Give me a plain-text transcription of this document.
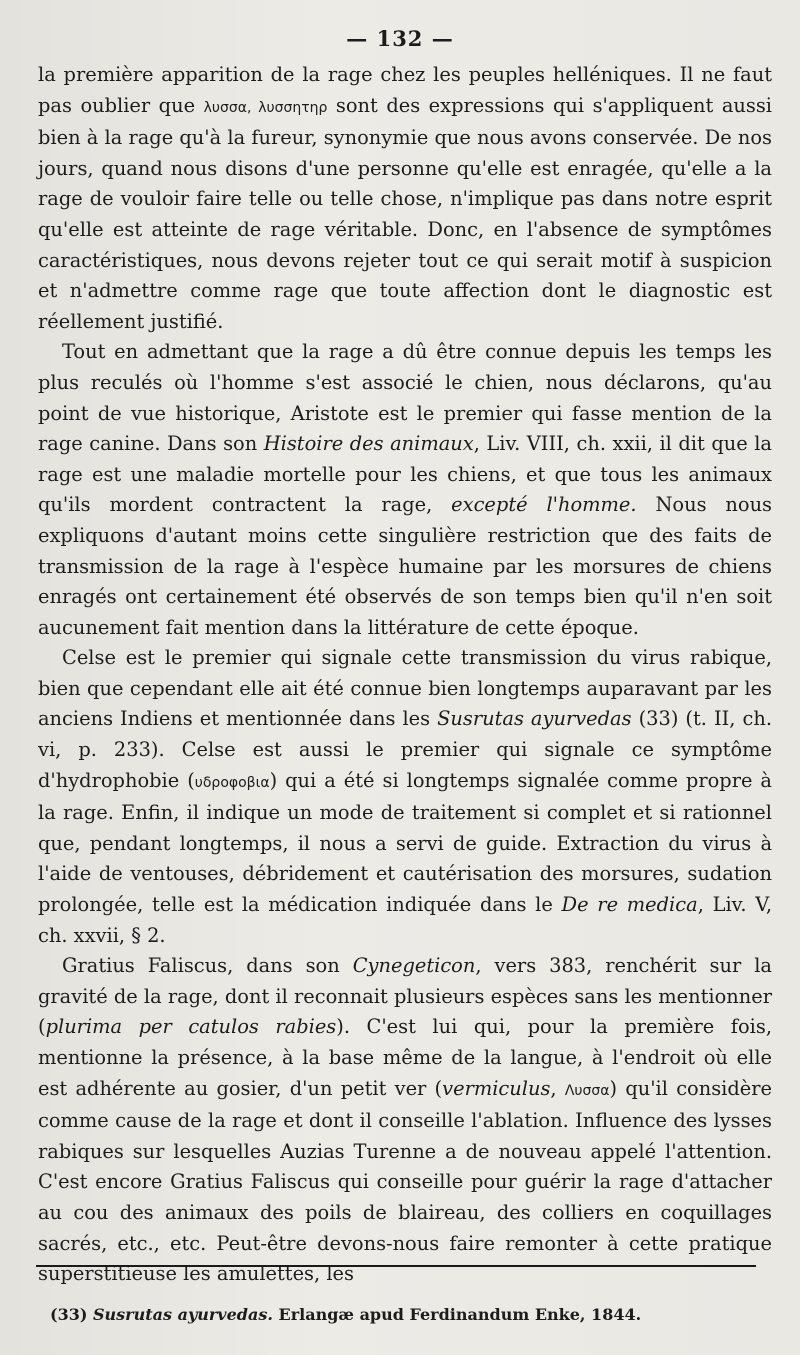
— 132 —

la première apparition de la rage chez les peuples helléniques. Il ne faut pas oublier que λυσσα, λυσσητηρ sont des expressions qui s'appliquent aussi bien à la rage qu'à la fureur, synonymie que nous avons conservée. De nos jours, quand nous disons d'une personne qu'elle est enragée, qu'elle a la rage de vouloir faire telle ou telle chose, n'implique pas dans notre esprit qu'elle est atteinte de rage véritable. Donc, en l'absence de symptômes caractéristiques, nous devons rejeter tout ce qui serait motif à suspicion et n'admettre comme rage que toute affection dont le diagnostic est réellement justifié.

Tout en admettant que la rage a dû être connue depuis les temps les plus reculés où l'homme s'est associé le chien, nous déclarons, qu'au point de vue historique, Aristote est le premier qui fasse mention de la rage canine. Dans son Histoire des animaux, Liv. VIII, ch. xxii, il dit que la rage est une maladie mortelle pour les chiens, et que tous les animaux qu'ils mordent contractent la rage, excepté l'homme. Nous nous expliquons d'autant moins cette singulière restriction que des faits de transmission de la rage à l'espèce humaine par les morsures de chiens enragés ont certainement été observés de son temps bien qu'il n'en soit aucunement fait mention dans la littérature de cette époque.

Celse est le premier qui signale cette transmission du virus rabique, bien que cependant elle ait été connue bien longtemps auparavant par les anciens Indiens et mentionnée dans les Susrutas ayurvedas (33) (t. II, ch. vi, p. 233). Celse est aussi le premier qui signale ce symptôme d'hydrophobie (υδροφοβια) qui a été si longtemps signalée comme propre à la rage. Enfin, il indique un mode de traitement si complet et si rationnel que, pendant longtemps, il nous a servi de guide. Extraction du virus à l'aide de ventouses, débridement et cautérisation des morsures, sudation prolongée, telle est la médication indiquée dans le De re medica, Liv. V, ch. xxvii, § 2.

Gratius Faliscus, dans son Cynegeticon, vers 383, renchérit sur la gravité de la rage, dont il reconnait plusieurs espèces sans les mentionner (plurima per catulos rabies). C'est lui qui, pour la première fois, mentionne la présence, à la base même de la langue, à l'endroit où elle est adhérente au gosier, d'un petit ver (vermiculus, Λυσσα) qu'il considère comme cause de la rage et dont il conseille l'ablation. Influence des lysses rabiques sur lesquelles Auzias Turenne a de nouveau appelé l'attention. C'est encore Gratius Faliscus qui conseille pour guérir la rage d'attacher au cou des animaux des poils de blaireau, des colliers en coquillages sacrés, etc., etc. Peut-être devons-nous faire remonter à cette pratique superstitieuse les amulettes, les

(33) Susrutas ayurvedas. Erlangæ apud Ferdinandum Enke, 1844.
